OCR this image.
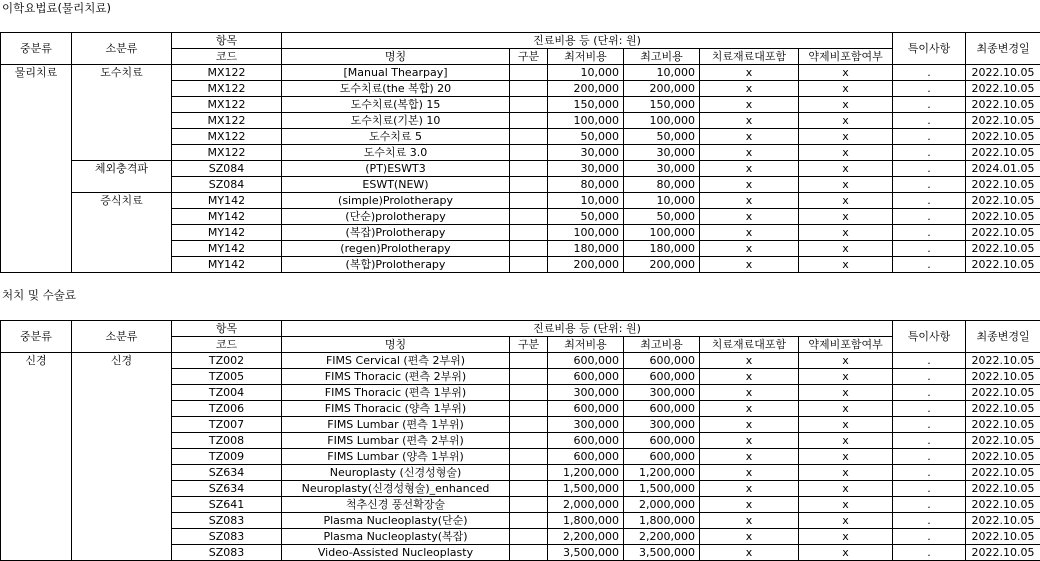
이학요법료(물리치료)
중분류	소분류	항목	진료비용 등 (단위: 원)						특이사항	최종변경일
		코드	명칭	구분	최저비용	최고비용	치료재료대포함	약제비포함여부		
물리치료	도수치료	MX122	[Manual Thearpay]		10,000	10,000	x	x	.	2022.10.05
		MX122	도수치료(the 복합) 20		200,000	200,000	x	x	.	2022.10.05
		MX122	도수치료(복합) 15		150,000	150,000	x	x	.	2022.10.05
		MX122	도수치료(기본) 10		100,000	100,000	x	x	.	2022.10.05
		MX122	도수치료 5		50,000	50,000	x	x	.	2022.10.05
		MX122	도수치료 3.0		30,000	30,000	x	x	.	2022.10.05
	체외충격파	SZ084	(PT)ESWT3		30,000	30,000	x	x	.	2024.01.05
		SZ084	ESWT(NEW)		80,000	80,000	x	x	.	2022.10.05
	증식치료	MY142	(simple)Prolotherapy		10,000	10,000	x	x	.	2022.10.05
		MY142	(단순)prolotherapy		50,000	50,000	x	x	.	2022.10.05
		MY142	(복잡)Prolotherapy		100,000	100,000	x	x	.	2022.10.05
		MY142	(regen)Prolotherapy		180,000	180,000	x	x	.	2022.10.05
		MY142	(복합)Prolotherapy		200,000	200,000	x	x	.	2022.10.05
처치 및 수술료
중분류	소분류	항목	진료비용 등 (단위: 원)						특이사항	최종변경일
		코드	명칭	구분	최저비용	최고비용	치료재료대포함	약제비포함여부		
신경	신경	TZ002	FIMS Cervical (편측 2부위)		600,000	600,000	x	x	.	2022.10.05
		TZ005	FIMS Thoracic (편측 2부위)		600,000	600,000	x	x	.	2022.10.05
		TZ004	FIMS Thoracic (편측 1부위)		300,000	300,000	x	x	.	2022.10.05
		TZ006	FIMS Thoracic (양측 1부위)		600,000	600,000	x	x	.	2022.10.05
		TZ007	FIMS Lumbar (편측 1부위)		300,000	300,000	x	x	.	2022.10.05
		TZ008	FIMS Lumbar (편측 2부위)		600,000	600,000	x	x	.	2022.10.05
		TZ009	FIMS Lumbar (양측 1부위)		600,000	600,000	x	x	.	2022.10.05
		SZ634	Neuroplasty (신경성형술)		1,200,000	1,200,000	x	x	.	2022.10.05
		SZ634	Neuroplasty(신경성형술)_enhanced		1,500,000	1,500,000	x	x	.	2022.10.05
		SZ641	척추신경 풍선확장술		2,000,000	2,000,000	x	x	.	2022.10.05
		SZ083	Plasma Nucleoplasty(단순)		1,800,000	1,800,000	x	x	.	2022.10.05
		SZ083	Plasma Nucleoplasty(복잡)		2,200,000	2,200,000	x	x	.	2022.10.05
		SZ083	Video-Assisted Nucleoplasty		3,500,000	3,500,000	x	x	.	2022.10.05
